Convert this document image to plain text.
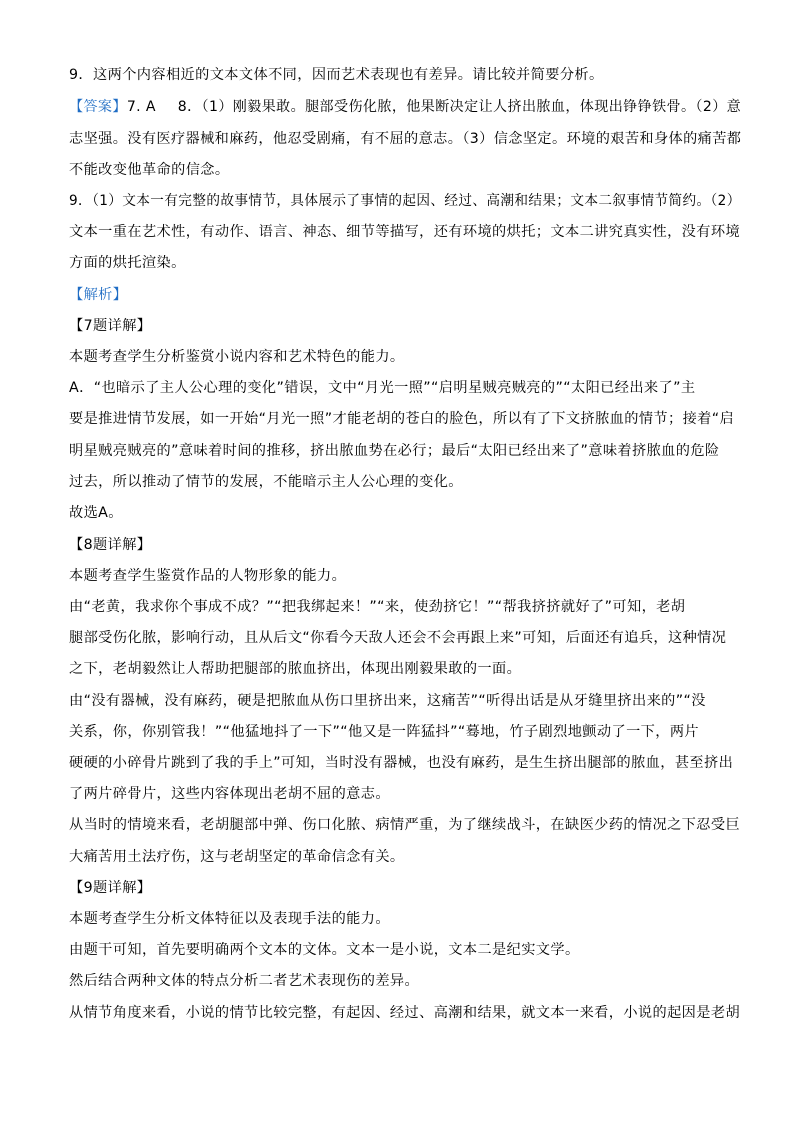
9．这两个内容相近的文本文体不同，因而艺术表现也有差异。请比较并简要分析。
【答案】7. A 8．（1）刚毅果敢。腿部受伤化脓，他果断决定让人挤出脓血，体现出铮铮铁骨。（2）意
志坚强。没有医疗器械和麻药，他忍受剧痛，有不屈的意志。（3）信念坚定。环境的艰苦和身体的痛苦都
不能改变他革命的信念。
9．（1）文本一有完整的故事情节，具体展示了事情的起因、经过、高潮和结果；文本二叙事情节简约。（2）
文本一重在艺术性，有动作、语言、神态、细节等描写，还有环境的烘托；文本二讲究真实性，没有环境
方面的烘托渲染。
【解析】
【7题详解】
本题考查学生分析鉴赏小说内容和艺术特色的能力。
A．“也暗示了主人公心理的变化”错误，文中“月光一照”“启明星贼亮贼亮的”“太阳已经出来了”主
要是推进情节发展，如一开始“月光一照”才能老胡的苍白的脸色，所以有了下文挤脓血的情节；接着“启
明星贼亮贼亮的”意味着时间的推移，挤出脓血势在必行；最后“太阳已经出来了”意味着挤脓血的危险
过去，所以推动了情节的发展，不能暗示主人公心理的变化。
故选A。
【8题详解】
本题考查学生鉴赏作品的人物形象的能力。
由“老黄，我求你个事成不成？”“把我绑起来！”“来，使劲挤它！”“帮我挤挤就好了”可知，老胡
腿部受伤化脓，影响行动，且从后文“你看今天敌人还会不会再跟上来”可知，后面还有追兵，这种情况
之下，老胡毅然让人帮助把腿部的脓血挤出，体现出刚毅果敢的一面。
由“没有器械，没有麻药，硬是把脓血从伤口里挤出来，这痛苦”“听得出话是从牙缝里挤出来的”“没
关系，你，你别管我！”“他猛地抖了一下”“他又是一阵猛抖”“蓦地，竹子剧烈地颤动了一下，两片
硬硬的小碎骨片跳到了我的手上”可知，当时没有器械，也没有麻药，是生生挤出腿部的脓血，甚至挤出
了两片碎骨片，这些内容体现出老胡不屈的意志。
从当时的情境来看，老胡腿部中弹、伤口化脓、病情严重，为了继续战斗，在缺医少药的情况之下忍受巨
大痛苦用土法疗伤，这与老胡坚定的革命信念有关。
【9题详解】
本题考查学生分析文体特征以及表现手法的能力。
由题干可知，首先要明确两个文本的文体。文本一是小说，文本二是纪实文学。
然后结合两种文体的特点分析二者艺术表现伤的差异。
从情节角度来看，小说的情节比较完整，有起因、经过、高潮和结果，就文本一来看，小说的起因是老胡
